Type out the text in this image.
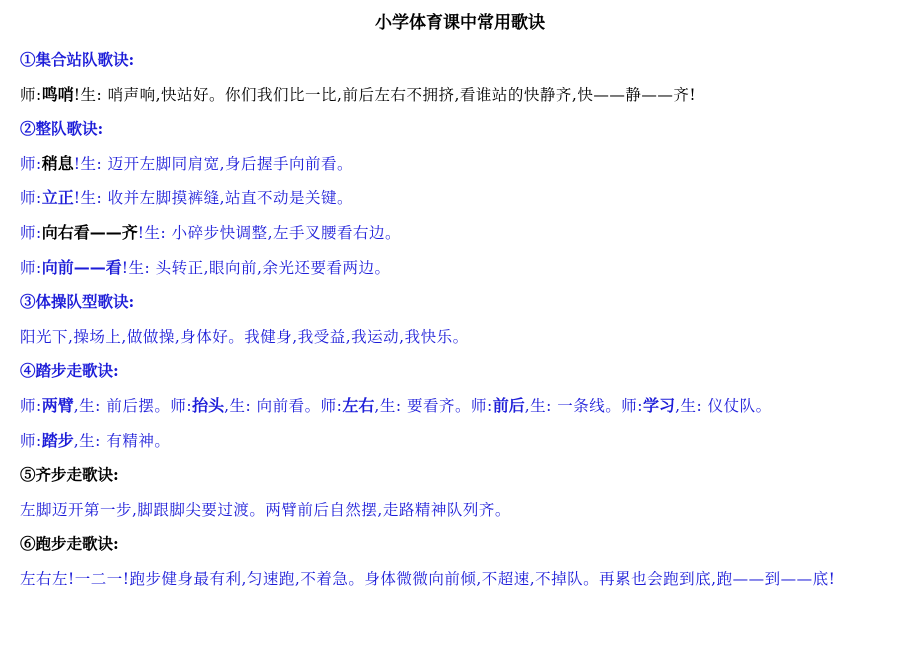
小学体育课中常用歌诀
①集合站队歌诀:
师:鸣哨!生: 哨声响,快站好。你们我们比一比,前后左右不拥挤,看谁站的快静齐,快——静——齐!
②整队歌诀:
师:稍息!生: 迈开左脚同肩宽,身后握手向前看。
师:立正!生: 收并左脚摸裤缝,站直不动是关键。
师:向右看——齐!生: 小碎步快调整,左手叉腰看右边。
师:向前——看!生: 头转正,眼向前,余光还要看两边。
③体操队型歌诀:
阳光下,操场上,做做操,身体好。我健身,我受益,我运动,我快乐。
④踏步走歌诀:
师:两臂,生: 前后摆。师:抬头,生: 向前看。师:左右,生: 要看齐。师:前后,生: 一条线。师:学习,生: 仪仗队。
师:踏步,生: 有精神。
⑤齐步走歌诀:
左脚迈开第一步,脚跟脚尖要过渡。两臂前后自然摆,走路精神队列齐。
⑥跑步走歌诀:
左右左!一二一!跑步健身最有利,匀速跑,不着急。身体微微向前倾,不超速,不掉队。再累也会跑到底,跑——到——底!
